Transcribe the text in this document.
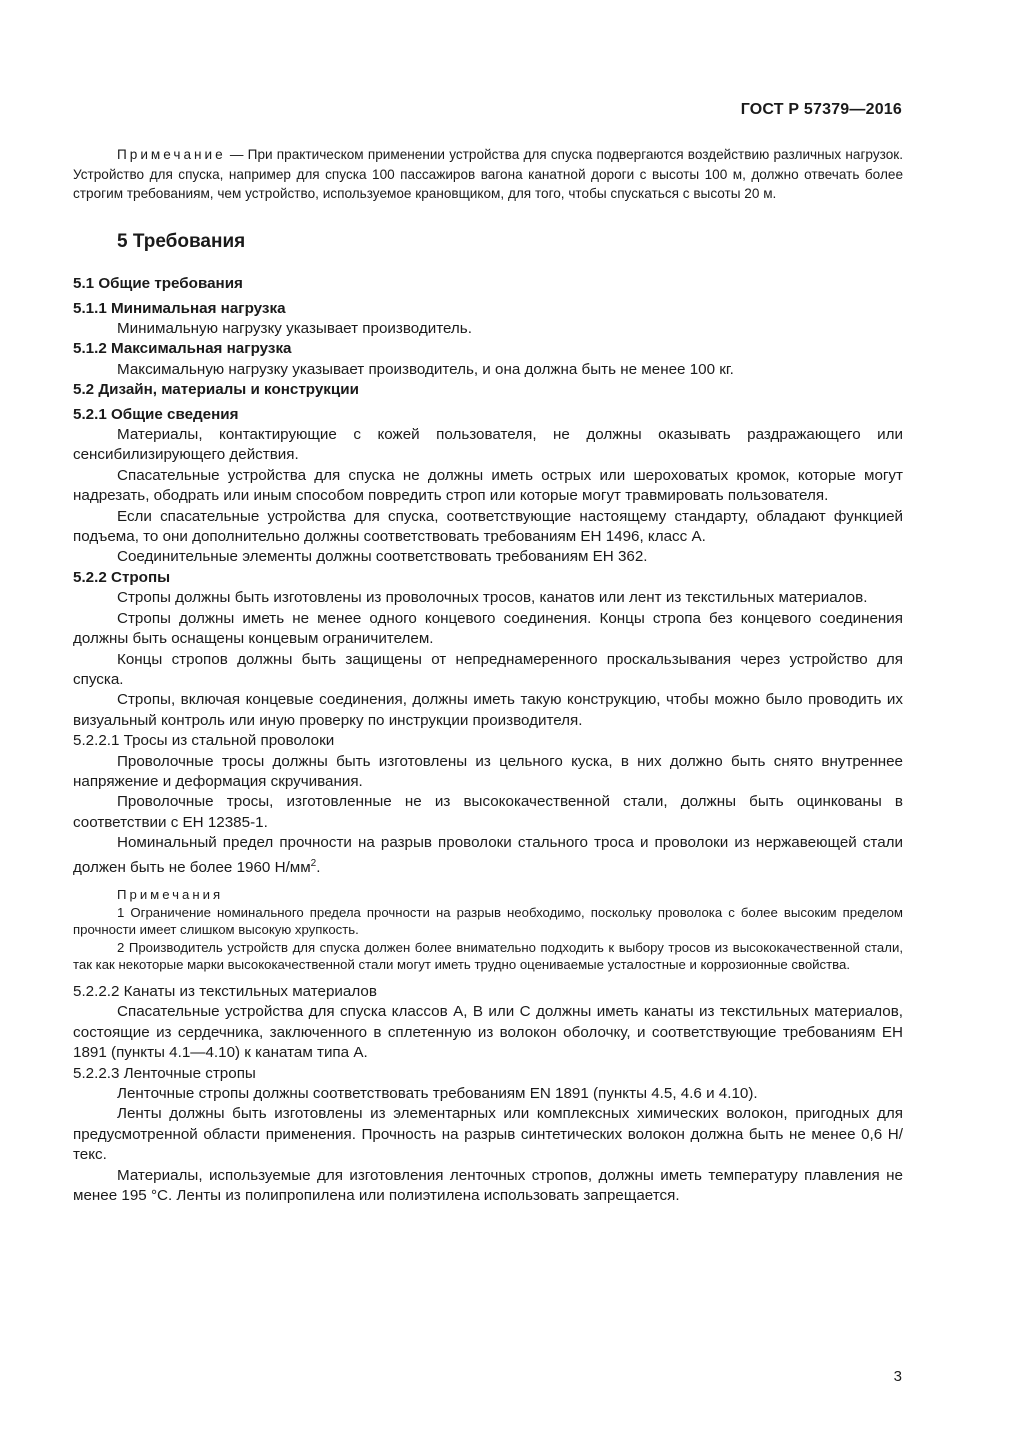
ГОСТ Р 57379—2016

Примечание — При практическом применении устройства для спуска подвергаются воздействию различных нагрузок. Устройство для спуска, например для спуска 100 пассажиров вагона канатной дороги с высоты 100 м, должно отвечать более строгим требованиям, чем устройство, используемое крановщиком, для того, чтобы спускаться с высоты 20 м.

5 Требования

5.1 Общие требования

5.1.1 Минимальная нагрузка

Минимальную нагрузку указывает производитель.

5.1.2 Максимальная нагрузка

Максимальную нагрузку указывает производитель, и она должна быть не менее 100 кг.

5.2 Дизайн, материалы и конструкции

5.2.1 Общие сведения

Материалы, контактирующие с кожей пользователя, не должны оказывать раздражающего или сенсибилизирующего действия.

Спасательные устройства для спуска не должны иметь острых или шероховатых кромок, которые могут надрезать, ободрать или иным способом повредить строп или которые могут травмировать пользователя.

Если спасательные устройства для спуска, соответствующие настоящему стандарту, обладают функцией подъема, то они дополнительно должны соответствовать требованиям ЕН 1496, класс А.

Соединительные элементы должны соответствовать требованиям ЕН 362.

5.2.2 Стропы

Стропы должны быть изготовлены из проволочных тросов, канатов или лент из текстильных материалов.

Стропы должны иметь не менее одного концевого соединения. Концы стропа без концевого соединения должны быть оснащены концевым ограничителем.

Концы стропов должны быть защищены от непреднамеренного проскальзывания через устройство для спуска.

Стропы, включая концевые соединения, должны иметь такую конструкцию, чтобы можно было проводить их визуальный контроль или иную проверку по инструкции производителя.

5.2.2.1 Тросы из стальной проволоки

Проволочные тросы должны быть изготовлены из цельного куска, в них должно быть снято внутреннее напряжение и деформация скручивания.

Проволочные тросы, изготовленные не из высококачественной стали, должны быть оцинкованы в соответствии с ЕН 12385-1.

Номинальный предел прочности на разрыв проволоки стального троса и проволоки из нержавеющей стали должен быть не более 1960 $Н/мм^2$.

Примечания

1 Ограничение номинального предела прочности на разрыв необходимо, поскольку проволока с более высоким пределом прочности имеет слишком высокую хрупкость.

2 Производитель устройств для спуска должен более внимательно подходить к выбору тросов из высококачественной стали, так как некоторые марки высококачественной стали могут иметь трудно оцениваемые усталостные и коррозионные свойства.

5.2.2.2 Канаты из текстильных материалов

Спасательные устройства для спуска классов А, В или С должны иметь канаты из текстильных материалов, состоящие из сердечника, заключенного в сплетенную из волокон оболочку, и соответствующие требованиям ЕН 1891 (пункты 4.1—4.10) к канатам типа А.

5.2.2.3 Ленточные стропы

Ленточные стропы должны соответствовать требованиям EN 1891 (пункты 4.5, 4.6 и 4.10).

Ленты должны быть изготовлены из элементарных или комплексных химических волокон, пригодных для предусмотренной области применения. Прочность на разрыв синтетических волокон должна быть не менее 0,6 Н/текс.

Материалы, используемые для изготовления ленточных стропов, должны иметь температуру плавления не менее 195 °С. Ленты из полипропилена или полиэтилена использовать запрещается.

3
